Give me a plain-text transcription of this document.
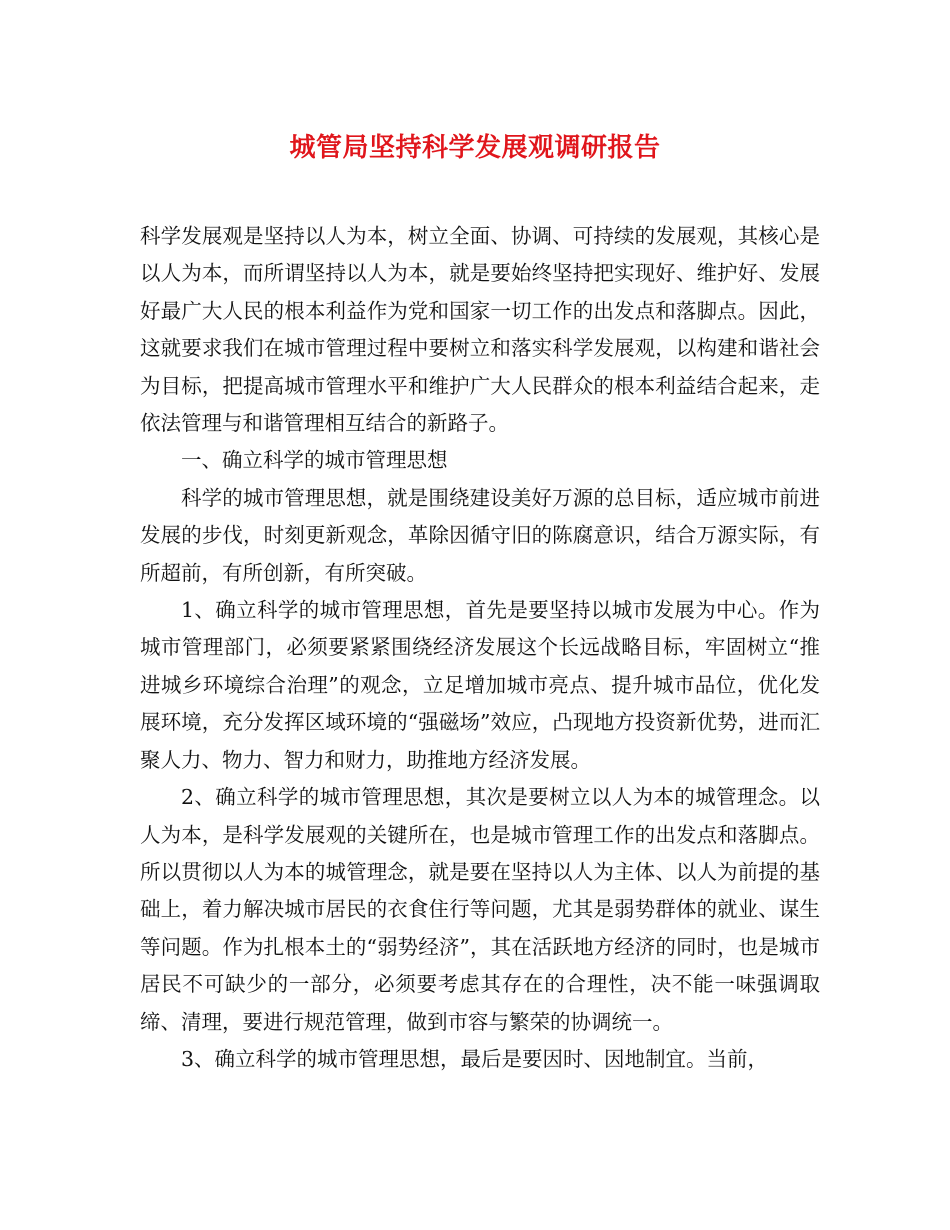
城管局坚持科学发展观调研报告

科学发展观是坚持以人为本，树立全面、协调、可持续的发展观，其核心是以人为本，而所谓坚持以人为本，就是要始终坚持把实现好、维护好、发展好最广大人民的根本利益作为党和国家一切工作的出发点和落脚点。因此，这就要求我们在城市管理过程中要树立和落实科学发展观，以构建和谐社会为目标，把提高城市管理水平和维护广大人民群众的根本利益结合起来，走依法管理与和谐管理相互结合的新路子。

一、确立科学的城市管理思想

科学的城市管理思想，就是围绕建设美好万源的总目标，适应城市前进发展的步伐，时刻更新观念，革除因循守旧的陈腐意识，结合万源实际，有所超前，有所创新，有所突破。

1、确立科学的城市管理思想，首先是要坚持以城市发展为中心。作为城市管理部门，必须要紧紧围绕经济发展这个长远战略目标，牢固树立“推进城乡环境综合治理”的观念，立足增加城市亮点、提升城市品位，优化发展环境，充分发挥区域环境的“强磁场”效应，凸现地方投资新优势，进而汇聚人力、物力、智力和财力，助推地方经济发展。

2、确立科学的城市管理思想，其次是要树立以人为本的城管理念。以人为本，是科学发展观的关键所在，也是城市管理工作的出发点和落脚点。所以贯彻以人为本的城管理念，就是要在坚持以人为主体、以人为前提的基础上，着力解决城市居民的衣食住行等问题，尤其是弱势群体的就业、谋生等问题。作为扎根本土的“弱势经济”，其在活跃地方经济的同时，也是城市居民不可缺少的一部分，必须要考虑其存在的合理性，决不能一味强调取缔、清理，要进行规范管理，做到市容与繁荣的协调统一。

3、确立科学的城市管理思想，最后是要因时、因地制宜。当前，
